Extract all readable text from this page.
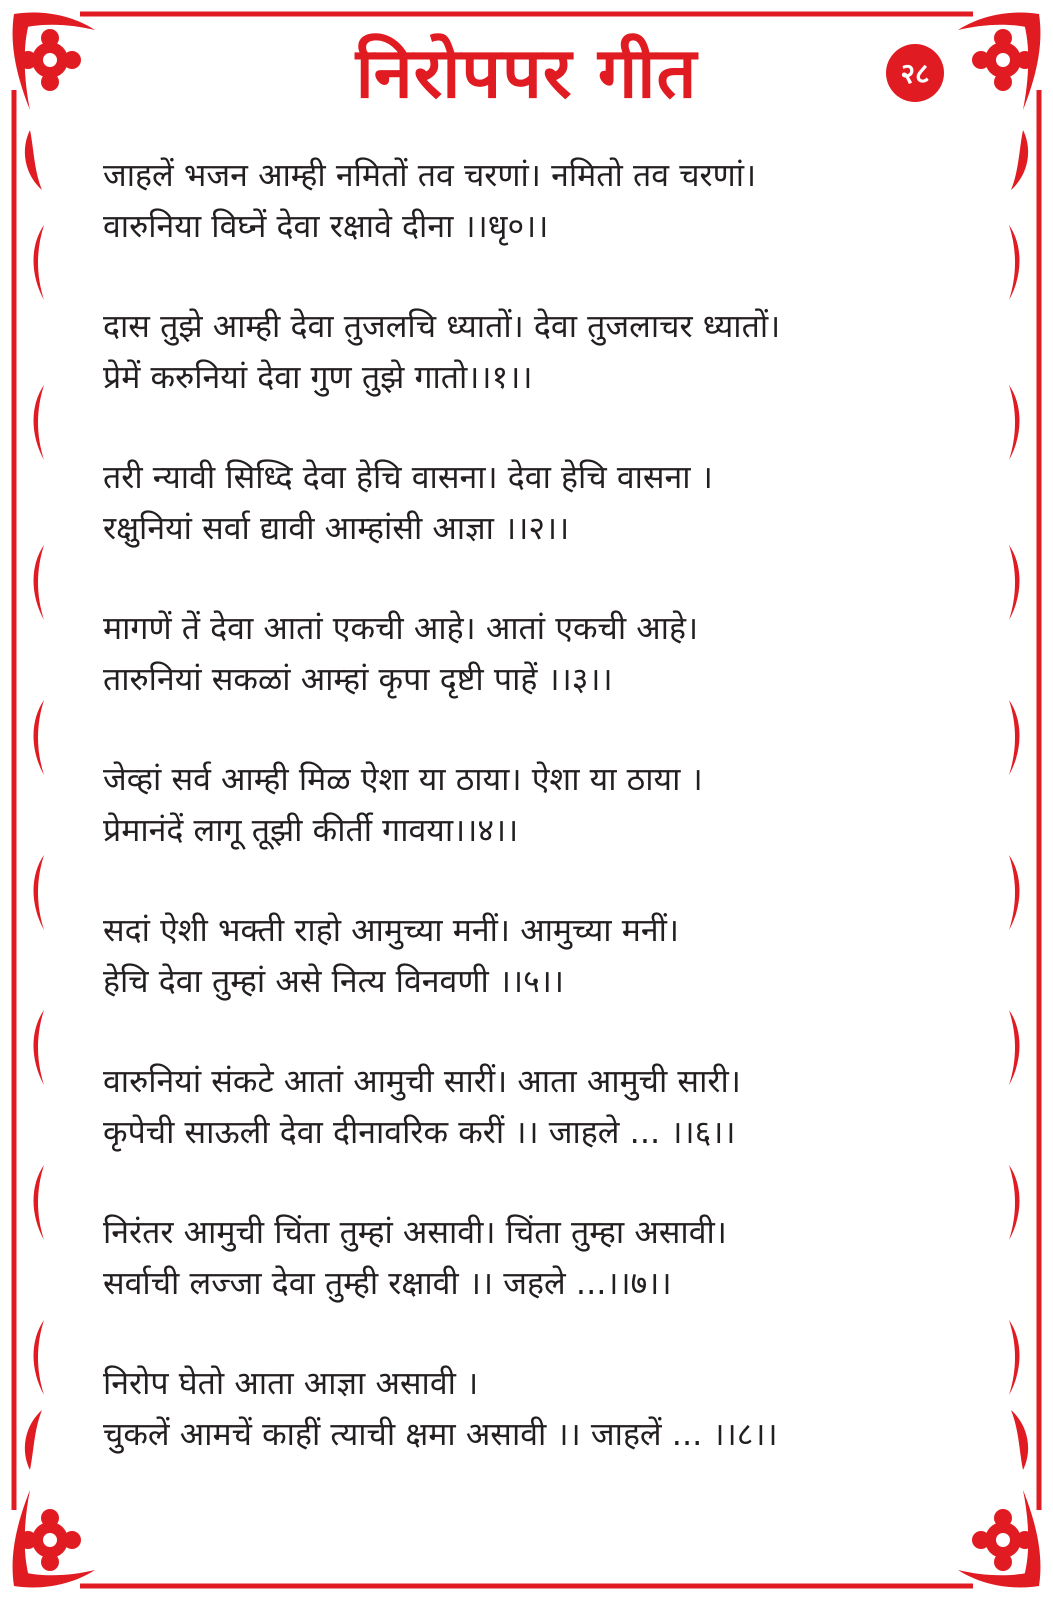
निरोपपर गीत	२८
जाहलें भजन आम्ही नमितों तव चरणां। नमितो तव चरणां।
वारुनिया विघ्नें देवा रक्षावे दीना ।।धृ०।।
दास तुझे आम्ही देवा तुजलचि ध्यातों। देवा तुजलाचर ध्यातों।
प्रेमें करुनियां देवा गुण तुझे गातो।।१।।
तरी न्यावी सिध्दि देवा हेचि वासना। देवा हेचि वासना ।
रक्षुनियां सर्वा द्यावी आम्हांसी आज्ञा ।।२।।
मागणें तें देवा आतां एकची आहे। आतां एकची आहे।
तारुनियां सकळां आम्हां कृपा दृष्टी पाहें ।।३।।
जेव्हां सर्व आम्ही मिळ ऐशा या ठाया। ऐशा या ठाया ।
प्रेमानंदें लागू तूझी कीर्ती गावया।।४।।
सदां ऐशी भक्ती राहो आमुच्या मनीं। आमुच्या मनीं।
हेचि देवा तुम्हां असे नित्य विनवणी ।।५।।
वारुनियां संकटे आतां आमुची सारीं। आता आमुची सारी।
कृपेची साऊली देवा दीनावरिक करीं ।। जाहले ... ।।६।।
निरंतर आमुची चिंता तुम्हां असावी। चिंता तुम्हा असावी।
सर्वाची लज्जा देवा तुम्ही रक्षावी ।। जहले ...।।७।।
निरोप घेतो आता आज्ञा असावी ।
चुकलें आमचें काहीं त्याची क्षमा असावी ।। जाहलें ... ।।८।।
